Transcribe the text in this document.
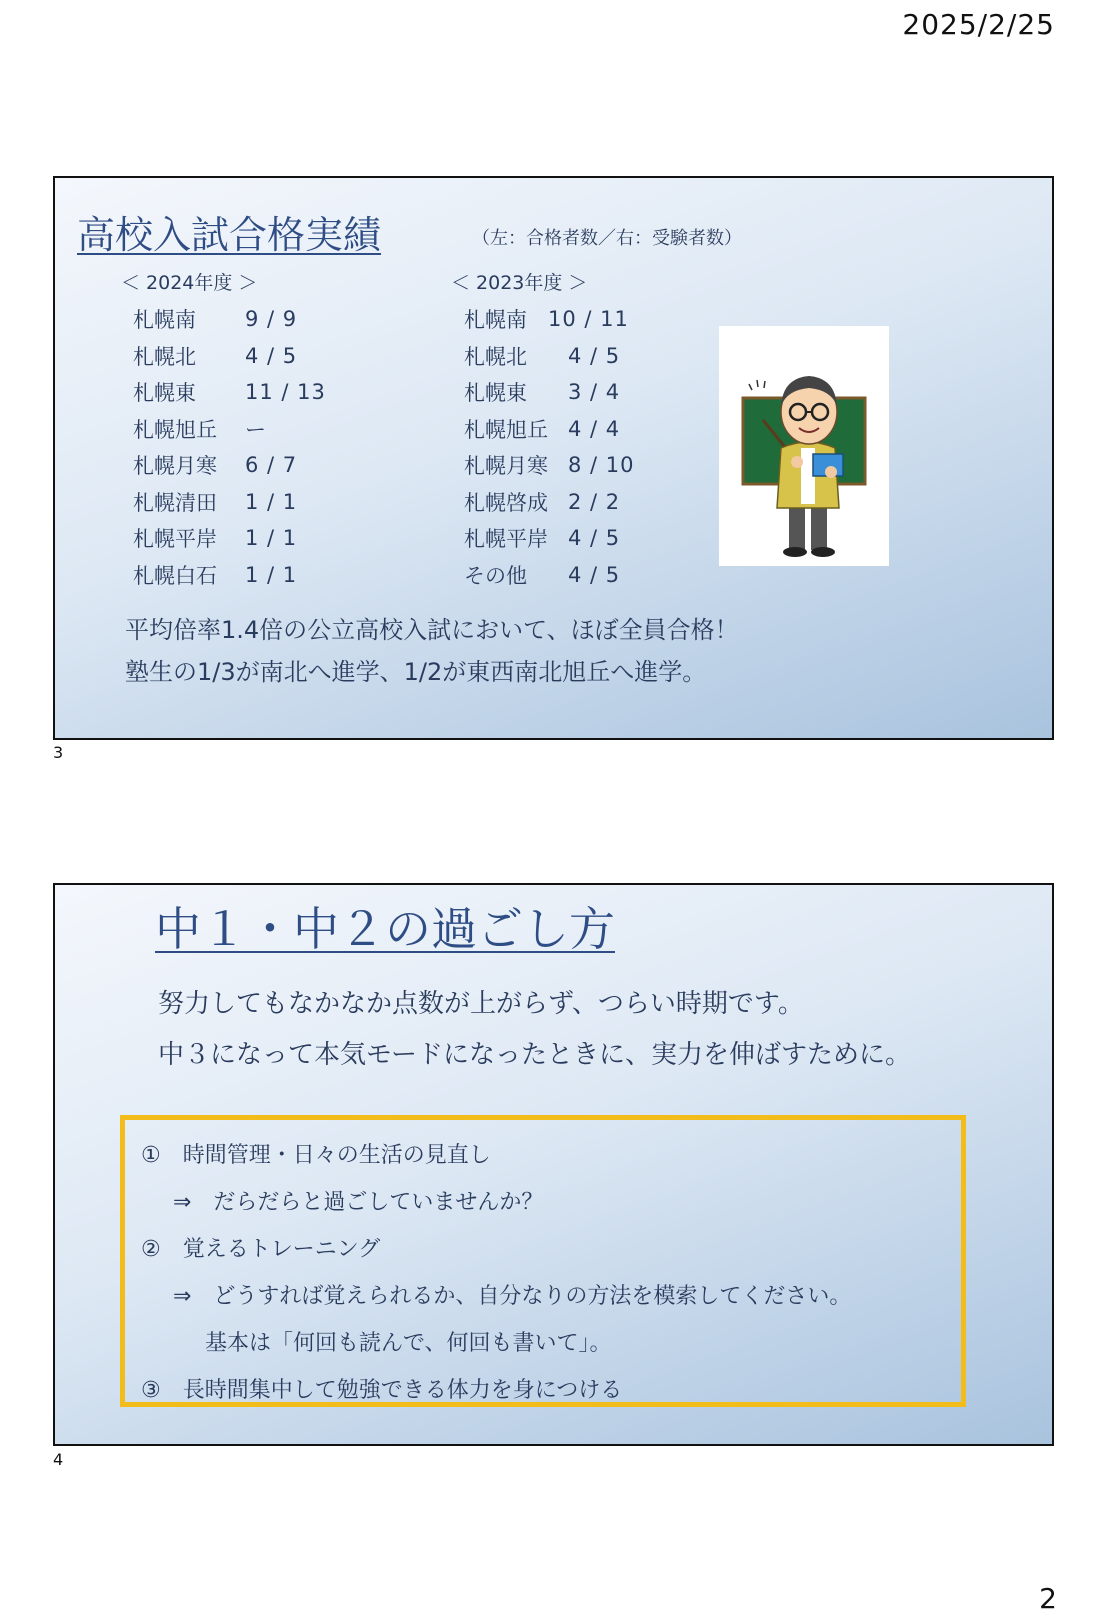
2025/2/25
高校入試合格実績	（左：合格者数／右：受験者数）
＜ 2024年度 ＞	＜ 2023年度 ＞
札幌南	9 / 9
札幌北	4 / 5
札幌東	11 / 13
札幌旭丘	ー
札幌月寒	6 / 7
札幌清田	1 / 1
札幌平岸	1 / 1
札幌白石	1 / 1
札幌南	10 / 11
札幌北	4 / 5
札幌東	3 / 4
札幌旭丘 4 / 4
札幌月寒 8 / 10
札幌啓成 2 / 2
札幌平岸 4 / 5
その他	4 / 5
平均倍率1.4倍の公立高校入試において、ほぼ全員合格！
塾生の1/3が南北へ進学、1/2が東西南北旭丘へ進学。
3
中１・中２の過ごし方
努力してもなかなか点数が上がらず、つらい時期です。
中３になって本気モードになったときに、実力を伸ばすために。
①　時間管理・日々の生活の見直し
⇒　だらだらと過ごしていませんか？
②　覚えるトレーニング
⇒　どうすれば覚えられるか、自分なりの方法を模索してください。
基本は「何回も読んで、何回も書いて」。
③　長時間集中して勉強できる体力を身につける
4
2
